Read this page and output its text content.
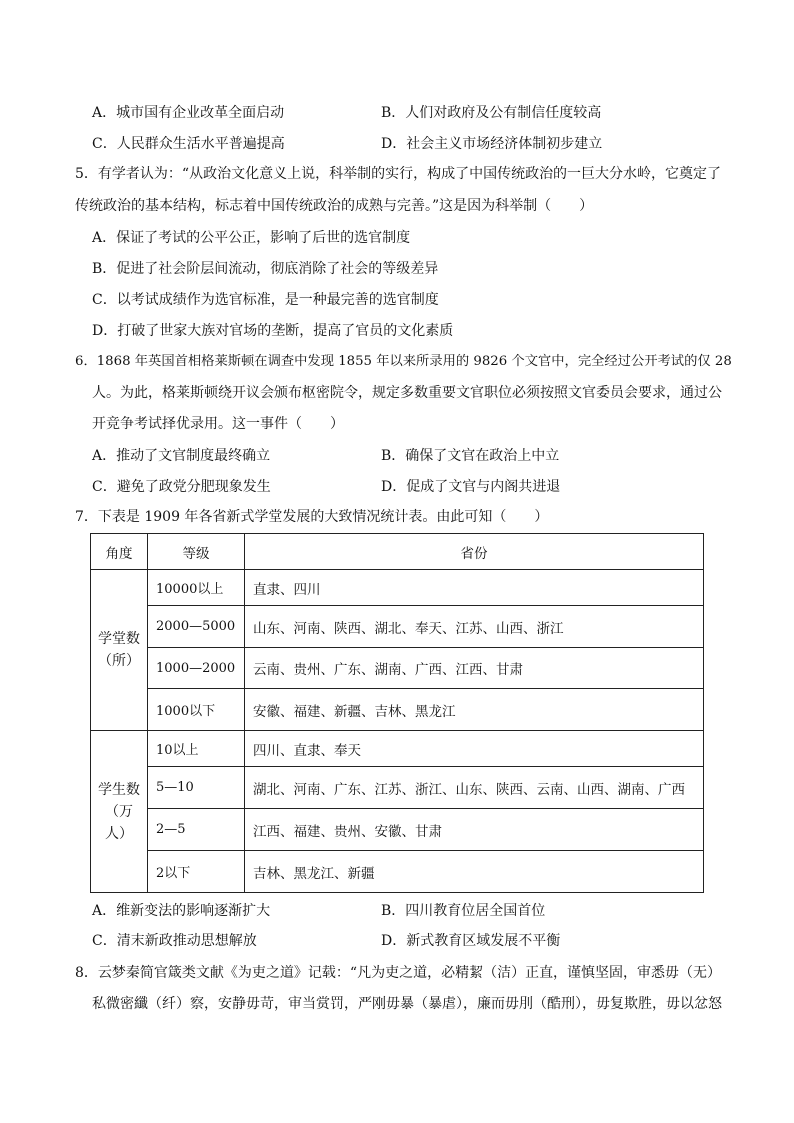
A．城市国有企业改革全面启动	B．人们对政府及公有制信任度较高
C．人民群众生活水平普遍提高	D．社会主义市场经济体制初步建立
5．有学者认为：“从政治文化意义上说，科举制的实行，构成了中国传统政治的一巨大分水岭，它奠定了
传统政治的基本结构，标志着中国传统政治的成熟与完善。”这是因为科举制（　　）
A．保证了考试的公平公正，影响了后世的选官制度
B．促进了社会阶层间流动，彻底消除了社会的等级差异
C．以考试成绩作为选官标准，是一种最完善的选官制度
D．打破了世家大族对官场的垄断，提高了官员的文化素质
6．1868 年英国首相格莱斯顿在调查中发现 1855 年以来所录用的 9826 个文官中，完全经过公开考试的仅 28
人。为此，格莱斯顿绕开议会颁布枢密院令，规定多数重要文官职位必须按照文官委员会要求，通过公
开竞争考试择优录用。这一事件（　　）
A．推动了文官制度最终确立	B．确保了文官在政治上中立
C．避免了政党分肥现象发生	D．促成了文官与内阁共进退
7．下表是 1909 年各省新式学堂发展的大致情况统计表。由此可知（　　）
角度	等级	省份
学堂数（所）	10000以上	直隶、四川
	2000—5000	山东、河南、陕西、湖北、奉天、江苏、山西、浙江
	1000—2000	云南、贵州、广东、湖南、广西、江西、甘肃
	1000以下	安徽、福建、新疆、吉林、黑龙江
学生数（万人）	10以上	四川、直隶、奉天
	5—10	湖北、河南、广东、江苏、浙江、山东、陕西、云南、山西、湖南、广西
	2—5	江西、福建、贵州、安徽、甘肃
	2以下	吉林、黑龙江、新疆
A．维新变法的影响逐渐扩大	B．四川教育位居全国首位
C．清末新政推动思想解放	D．新式教育区域发展不平衡
8．云梦秦简官箴类文献《为吏之道》记载：“凡为吏之道，必精絜（洁）正直，谨慎坚固，审悉毋（无）
私微密纖（纤）察，安静毋苛，审当赏罚，严刚毋暴（暴虐），廉而毋刖（酷刑），毋复欺胜，毋以忿怒
